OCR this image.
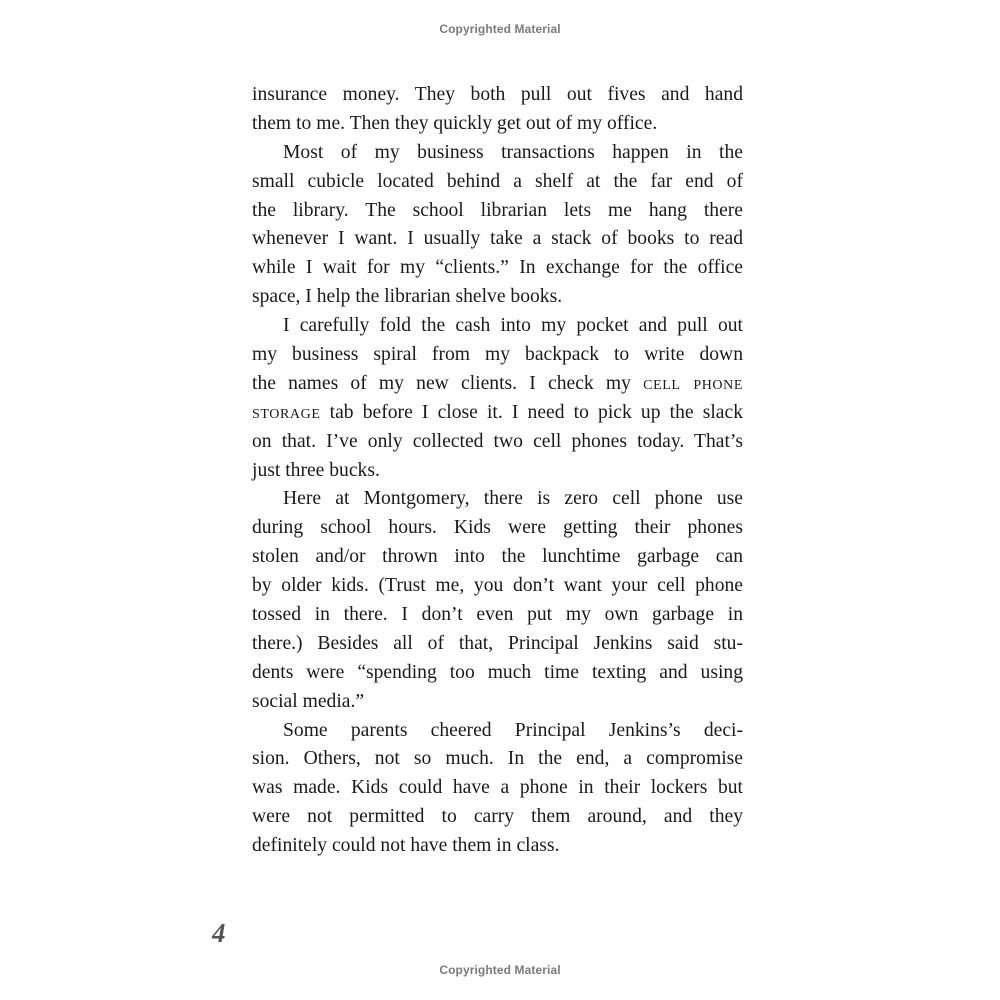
Copyrighted Material
insurance money. They both pull out fives and hand
them to me. Then they quickly get out of my office.
Most of my business transactions happen in the
small cubicle located behind a shelf at the far end of
the library. The school librarian lets me hang there
whenever I want. I usually take a stack of books to read
while I wait for my “clients.” In exchange for the office
space, I help the librarian shelve books.
I carefully fold the cash into my pocket and pull out
my business spiral from my backpack to write down
the names of my new clients. I check my cell phone
storage tab before I close it. I need to pick up the slack
on that. I’ve only collected two cell phones today. That’s
just three bucks.
Here at Montgomery, there is zero cell phone use
during school hours. Kids were getting their phones
stolen and/or thrown into the lunchtime garbage can
by older kids. (Trust me, you don’t want your cell phone
tossed in there. I don’t even put my own garbage in
there.) Besides all of that, Principal Jenkins said stu-
dents were “spending too much time texting and using
social media.”
Some parents cheered Principal Jenkins’s deci-
sion. Others, not so much. In the end, a compromise
was made. Kids could have a phone in their lockers but
were not permitted to carry them around, and they
definitely could not have them in class.
4
Copyrighted Material
